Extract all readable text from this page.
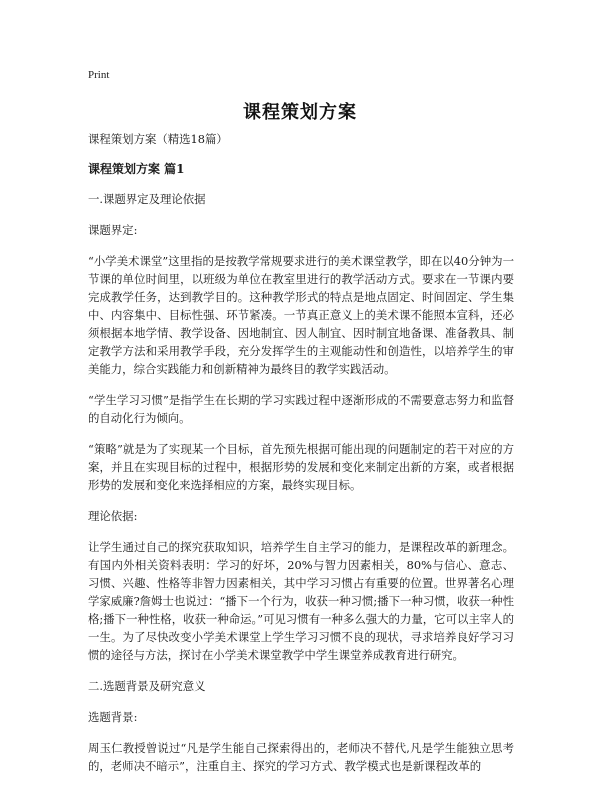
Print
课程策划方案
课程策划方案（精选18篇）
课程策划方案 篇1
一.课题界定及理论依据
课题界定:
“小学美术课堂”这里指的是按教学常规要求进行的美术课堂教学，即在以40分钟为一节课的单位时间里，以班级为单位在教室里进行的教学活动方式。要求在一节课内要完成教学任务，达到教学目的。这种教学形式的特点是地点固定、时间固定、学生集中、内容集中、目标性强、环节紧凑。一节真正意义上的美术课不能照本宣科，还必须根据本地学情、教学设备、因地制宜、因人制宜、因时制宜地备课、准备教具、制定教学方法和采用教学手段，充分发挥学生的主观能动性和创造性，以培养学生的审美能力，综合实践能力和创新精神为最终目的教学实践活动。
“学生学习习惯”是指学生在长期的学习实践过程中逐渐形成的不需要意志努力和监督的自动化行为倾向。
“策略”就是为了实现某一个目标，首先预先根据可能出现的问题制定的若干对应的方案，并且在实现目标的过程中，根据形势的发展和变化来制定出新的方案，或者根据形势的发展和变化来选择相应的方案，最终实现目标。
理论依据:
让学生通过自己的探究获取知识，培养学生自主学习的能力，是课程改革的新理念。有国内外相关资料表明：学习的好坏，20%与智力因素相关，80%与信心、意志、习惯、兴趣、性格等非智力因素相关，其中学习习惯占有重要的位置。世界著名心理学家威廉?詹姆士也说过：“播下一个行为，收获一种习惯;播下一种习惯，收获一种性格;播下一种性格，收获一种命运。”可见习惯有一种多么强大的力量，它可以主宰人的一生。为了尽快改变小学美术课堂上学生学习习惯不良的现状，寻求培养良好学习习惯的途径与方法，探讨在小学美术课堂教学中学生课堂养成教育进行研究。
二.选题背景及研究意义
选题背景:
周玉仁教授曾说过“凡是学生能自己探索得出的，老师决不替代,凡是学生能独立思考的，老师决不暗示”，注重自主、探究的学习方式、教学模式也是新课程改革的
